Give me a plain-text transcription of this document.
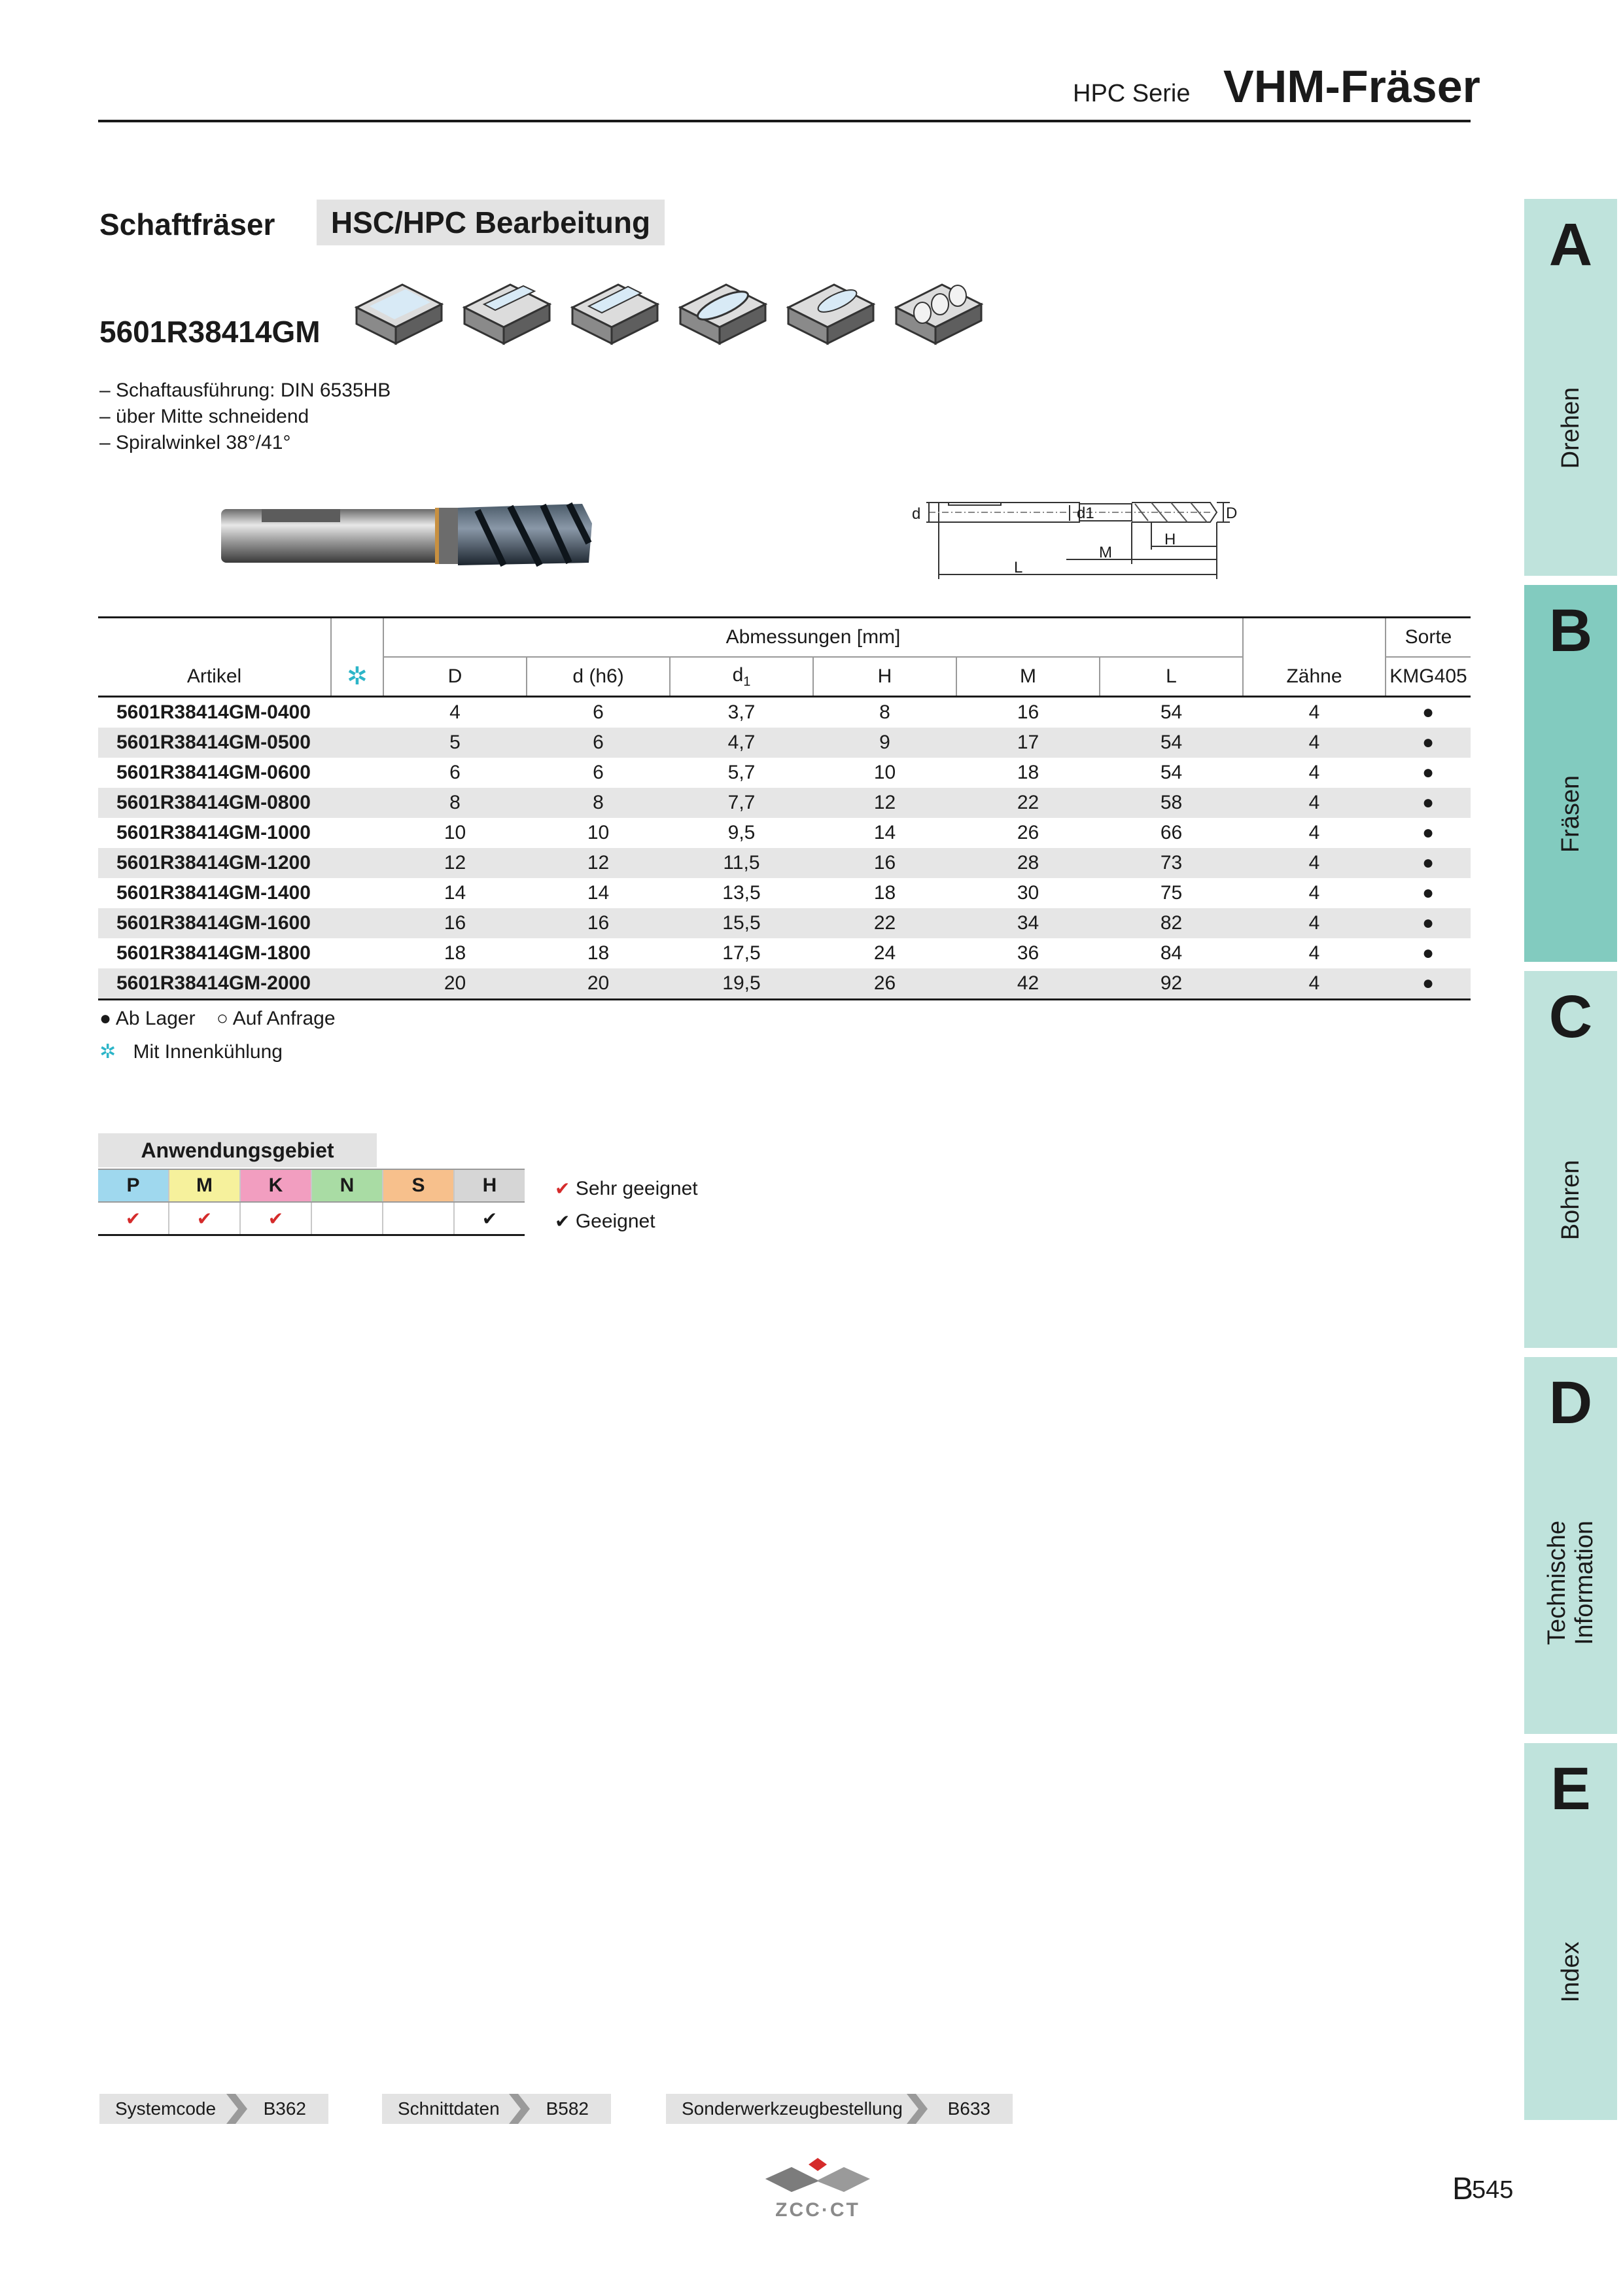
HPC Serie VHM-Fräser
Schaftfräser	HSC/HPC Bearbeitung
5601R38414GM
– Schaftausführung: DIN 6535HB
– über Mitte schneidend
– Spiralwinkel 38°/41°
d	d1	D
L
M
H
		Abmessungen [mm]							Sorte
Artikel	✲	D	d (h6)	$d_1$	H	M	L	Zähne	KMG405
5601R38414GM-0400		4	6	3,7	8	16	54	4	●
5601R38414GM-0500		5	6	4,7	9	17	54	4	●
5601R38414GM-0600		6	6	5,7	10	18	54	4	●
5601R38414GM-0800		8	8	7,7	12	22	58	4	●
5601R38414GM-1000		10	10	9,5	14	26	66	4	●
5601R38414GM-1200		12	12	11,5	16	28	73	4	●
5601R38414GM-1400		14	14	13,5	18	30	75	4	●
5601R38414GM-1600		16	16	15,5	22	34	82	4	●
5601R38414GM-1800		18	18	17,5	24	36	84	4	●
5601R38414GM-2000		20	20	19,5	26	42	92	4	●
● Ab Lager ○ Auf Anfrage
✲ Mit Innenkühlung
Anwendungsgebiet
P	M	K	N	S	H
✔	✔	✔			✔
✔ Sehr geeignet
✔ Geeignet
A
Drehen
B
Fräsen
C
Bohren
D
Technische
Information
E
Index
Systemcode	B362	Schnittdaten	B582	Sonderwerkzeugbestellung B633
ZCC·CT
B
545
